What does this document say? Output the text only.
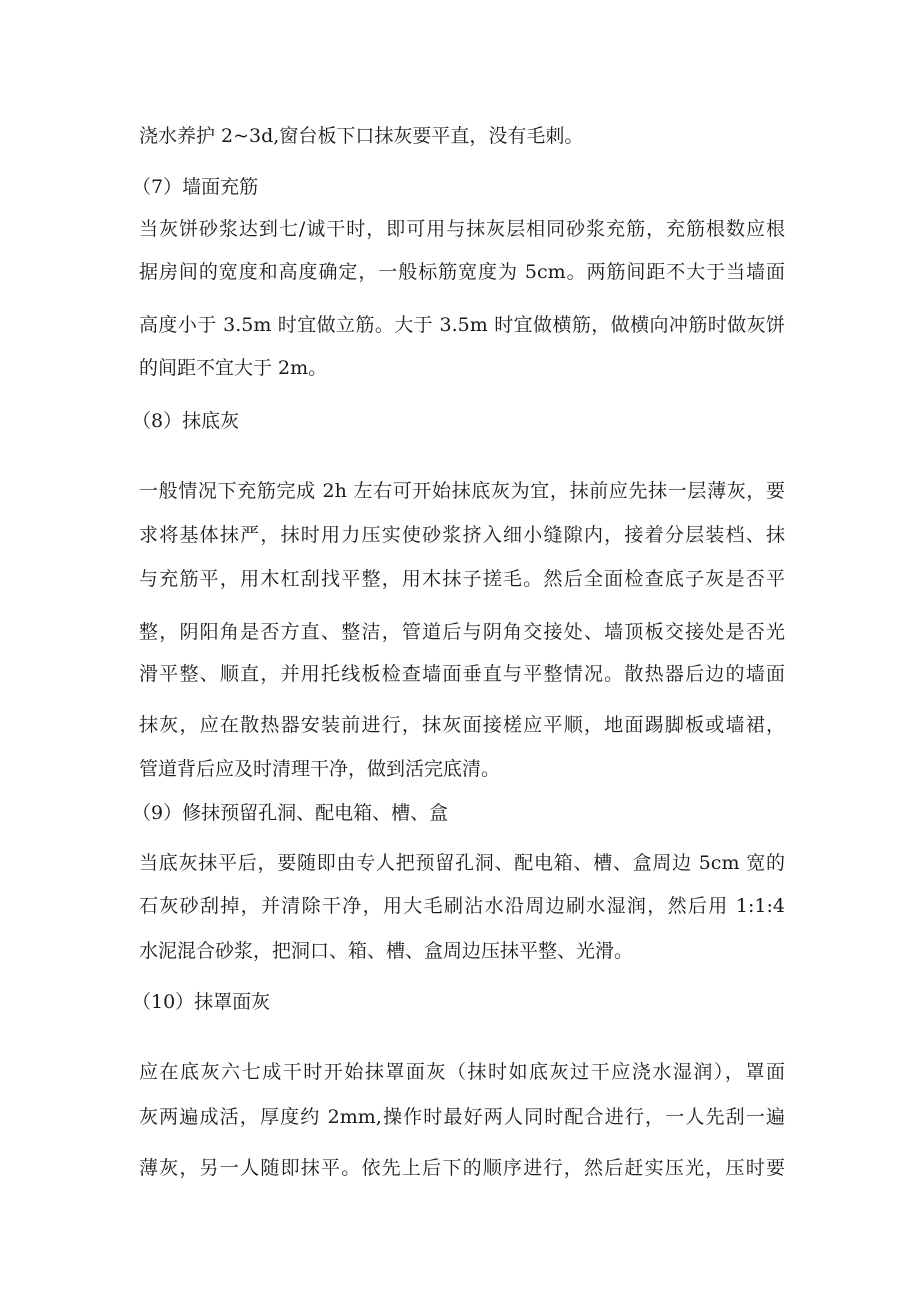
浇水养护 2~3d,窗台板下口抹灰要平直，没有毛刺。

（7）墙面充筋

当灰饼砂浆达到七/诚干时，即可用与抹灰层相同砂浆充筋，充筋根数应根

据房间的宽度和高度确定，一般标筋宽度为 5cm。两筋间距不大于当墙面

高度小于 3.5m 时宜做立筋。大于 3.5m 时宜做横筋，做横向冲筋时做灰饼

的间距不宜大于 2m。

（8）抹底灰

一般情况下充筋完成 2h 左右可开始抹底灰为宜，抹前应先抹一层薄灰，要

求将基体抹严，抹时用力压实使砂浆挤入细小缝隙内，接着分层装档、抹

与充筋平，用木杠刮找平整，用木抹子搓毛。然后全面检查底子灰是否平

整，阴阳角是否方直、整洁，管道后与阴角交接处、墙顶板交接处是否光

滑平整、顺直，并用托线板检查墙面垂直与平整情况。散热器后边的墙面

抹灰，应在散热器安装前进行，抹灰面接槎应平顺，地面踢脚板或墙裙，

管道背后应及时清理干净，做到活完底清。

（9）修抹预留孔洞、配电箱、槽、盒

当底灰抹平后，要随即由专人把预留孔洞、配电箱、槽、盒周边 5cm 宽的

石灰砂刮掉，并清除干净，用大毛刷沾水沿周边刷水湿润，然后用 1:1:4

水泥混合砂浆，把洞口、箱、槽、盒周边压抹平整、光滑。

（10）抹罩面灰

应在底灰六七成干时开始抹罩面灰（抹时如底灰过干应浇水湿润），罩面

灰两遍成活，厚度约 2mm,操作时最好两人同时配合进行，一人先刮一遍

薄灰，另一人随即抹平。依先上后下的顺序进行，然后赶实压光，压时要
